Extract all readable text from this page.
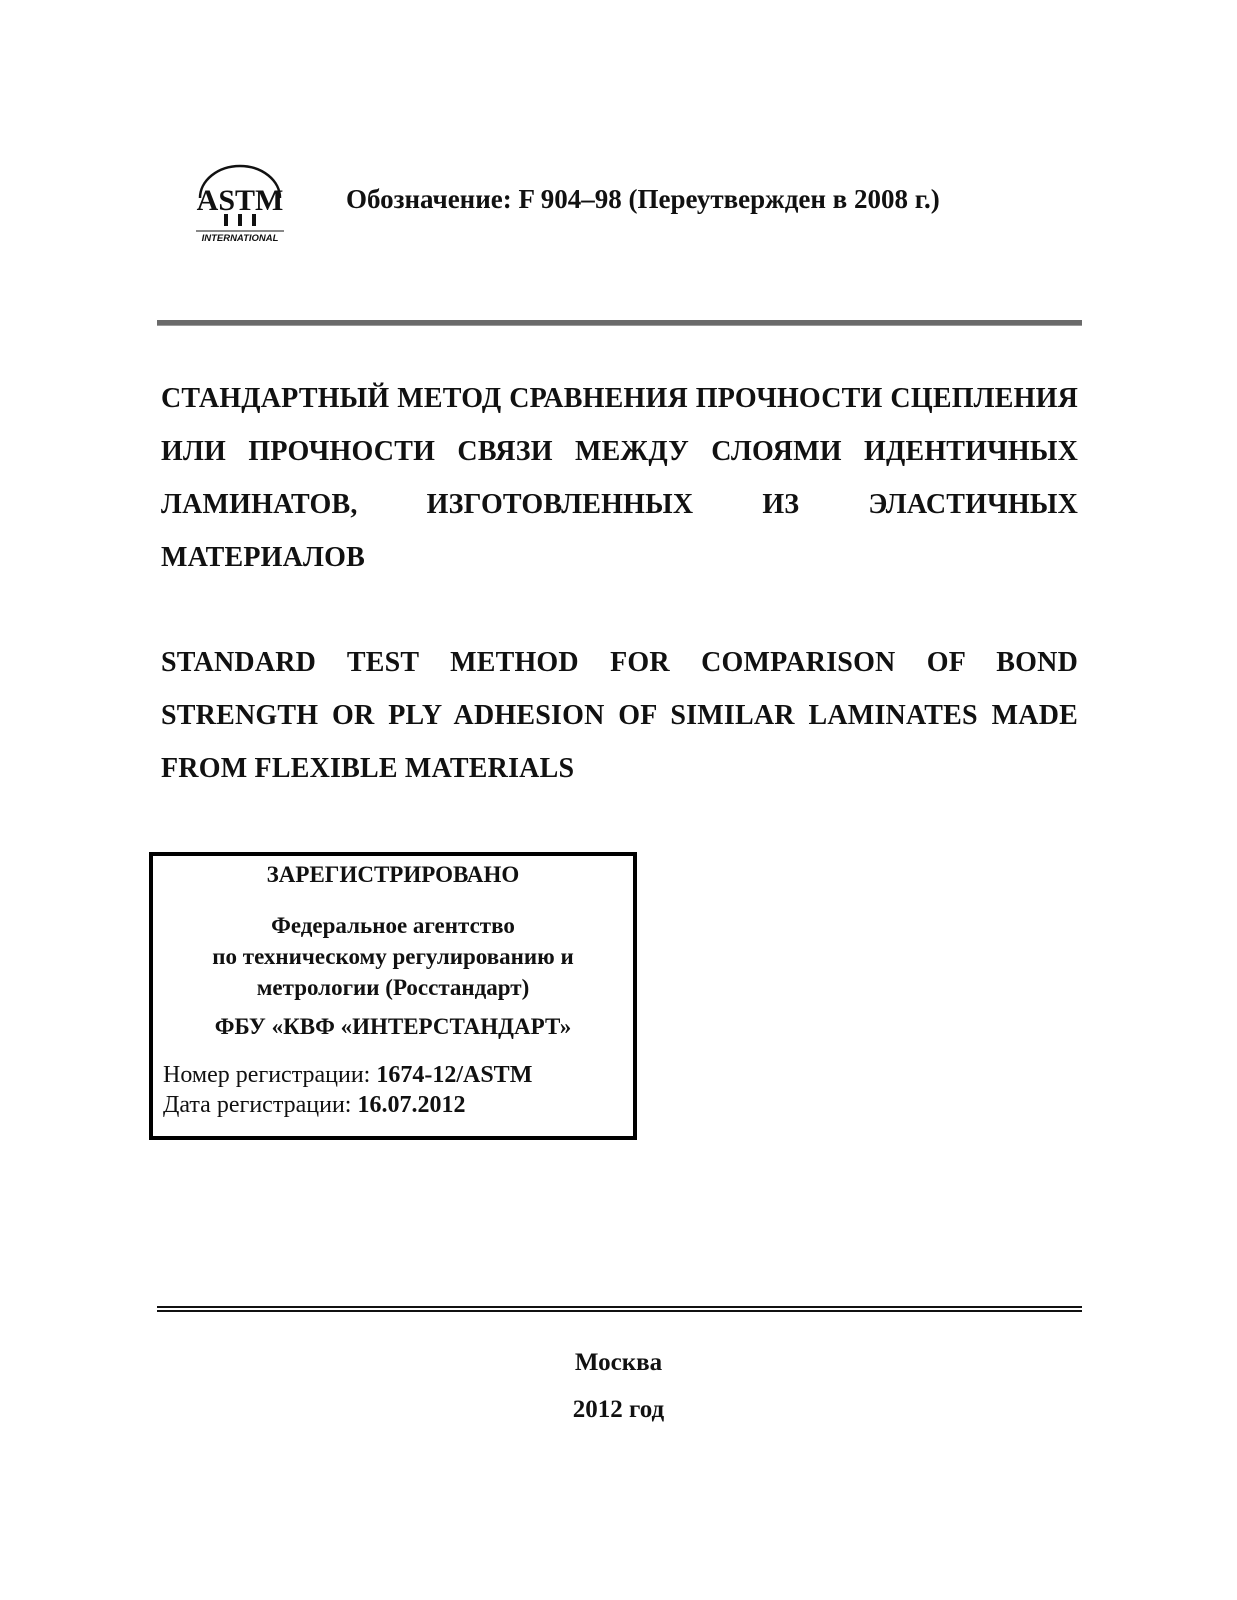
ASTM
INTERNATIONAL
Обозначение: F 904–98 (Переутвержден в 2008 г.)
СТАНДАРТНЫЙ МЕТОД СРАВНЕНИЯ ПРОЧНОСТИ СЦЕПЛЕНИЯ ИЛИ ПРОЧНОСТИ СВЯЗИ МЕЖДУ СЛОЯМИ ИДЕНТИЧНЫХ ЛАМИНАТОВ, ИЗГОТОВЛЕННЫХ ИЗ ЭЛАСТИЧНЫХ МАТЕРИАЛОВ
STANDARD TEST METHOD FOR COMPARISON OF BOND STRENGTH OR PLY ADHESION OF SIMILAR LAMINATES MADE FROM FLEXIBLE MATERIALS
ЗАРЕГИСТРИРОВАНО
Федеральное агентство
по техническому регулированию и
метрологии (Росстандарт)
ФБУ «КВФ «ИНТЕРСТАНДАРТ»
Номер регистрации: 1674-12/ASTM
Дата регистрации: 16.07.2012
Москва
2012 год
